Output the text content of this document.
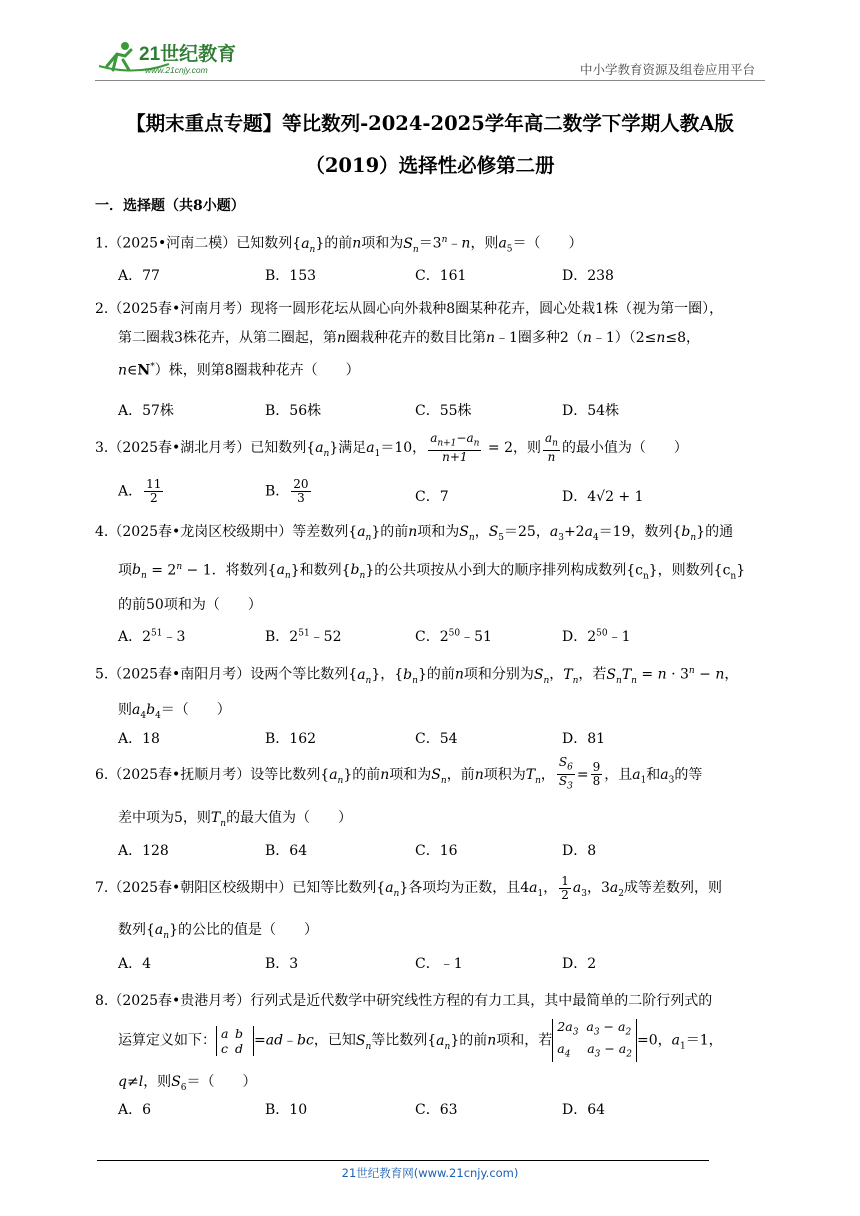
21世纪教育
www.21cnjy.com	中小学教育资源及组卷应用平台
【期末重点专题】等比数列-2024-2025学年高二数学下学期人教A版
（2019）选择性必修第二册
一．选择题（共8小题）
1.（2025•河南二模）已知数列$\{a_n\}$的前n项和为$S_n=3^n﹣n$，则$a_5=$（　　）
A．77	B．153	C．161	D．238
2.（2025春•河南月考）现将一圆形花坛从圆心向外栽种8圈某种花卉，圆心处栽1株（视为第一圈），
第二圈栽3株花卉，从第二圈起，第n圈栽种花卉的数目比第n﹣1圈多种2（n﹣1）（2≤n≤8，
n∈N*）株，则第8圈栽种花卉（　　）
A．57株	B．56株	C．55株	D．54株
3.（2025春•湖北月考）已知数列$\{a_n\}$满足$a_1=10$， $\frac{a_{n+1}-a_n}{n+1} = 2$，则 $\frac{a_n}{n}$ 的最小值为（　　）
A． $\frac{11}{2}$	B． $\frac{20}{3}$	C．7	D．4√2 + 1
4.（2025春•龙岗区校级期中）等差数列$\{a_n\}$的前n项和为$S_n$，$S_5=25$，$a_3+2a_4=19$，数列$\{b_n\}$的通
项$b_n = 2^n - 1$．将数列$\{a_n\}$和数列$\{b_n\}$的公共项按从小到大的顺序排列构成数列$\{c_n\}$，则数列$\{c_n\}$
的前50项和为（　　）
A．$2^{51}﹣3$	B．$2^{51}﹣52$	C．$2^{50}﹣51$	D．$2^{50}﹣1$
5.（2025春•南阳月考）设两个等比数列$\{a_n\}$，$\{b_n\}$的前n项和分别为$S_n$，$T_n$，若$S_nT_n = n \cdot 3^n - n$，
则$a_4b_4=$（　　）
A．18	B．162	C．54	D．81
6.（2025春•抚顺月考）设等比数列$\{a_n\}$的前n项和为$S_n$，前n项积为$T_n$， $\frac{S_6}{S_3} = \frac{9}{8}$ ，且$a_1$和$a_3$的等
差中项为5，则$T_n$的最大值为（　　）
A．128	B．64	C．16	D．8
7.（2025春•朝阳区校级期中）已知等比数列$\{a_n\}$各项均为正数，且$4a_1$， $\frac{1}{2} a_3$，$3a_2$成等差数列，则
数列$\{a_n\}$的公比的值是（　　）
A．4	B．3	C．﹣1	D．2
8.（2025春•贵港月考）行列式是近代数学中研究线性方程的有力工具，其中最简单的二阶行列式的
运算定义如下： a b
c d =ad﹣bc，已知$S_n$等比数列$\{a_n\}$的前n项和，若
$2a_3$ $a_3 - a_2$
$a_4$ $a_3 - a_2$
=0，$a_1=1$，
q≠l，则$S_6=$（　　）
A．6	B．10	C．63	D．64
21世纪教育网(www.21cnjy.com)
